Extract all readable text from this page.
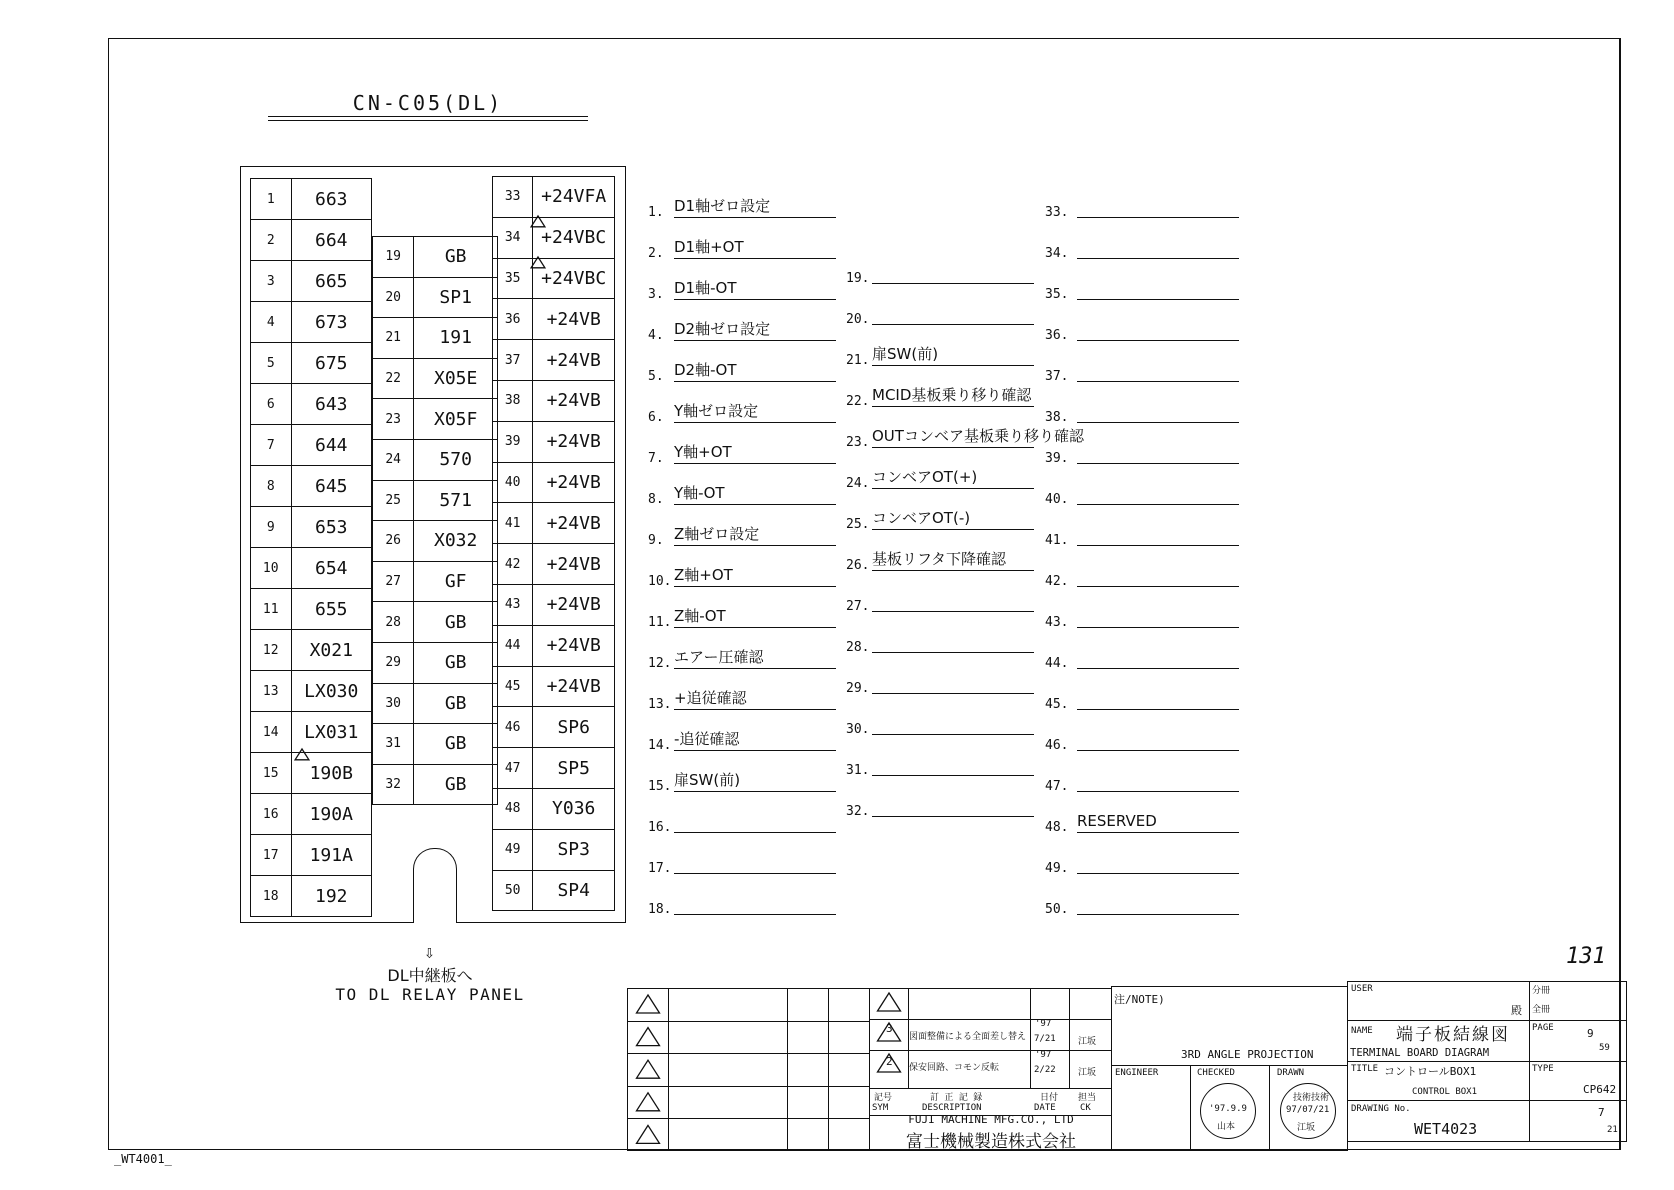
CN-C05(DL)
1	663
2	664
3	665
4	673
5	675
6	643
7	644
8	645
9	653
10	654
11	655
12	X021
13	LX030
14	LX031
15	190B
16	190A
17	191A
18	192
19	GB
20	SP1
21	191
22	X05E
23	X05F
24	570
25	571
26	X032
27	GF
28	GB
29	GB
30	GB
31	GB
32	GB
33	+24VFA
34	+24VBC
35	+24VBC
36	+24VB
37	+24VB
38	+24VB
39	+24VB
40	+24VB
41	+24VB
42	+24VB
43	+24VB
44	+24VB
45	+24VB
46	SP6
47	SP5
48	Y036
49	SP3
50	SP4
⇩
DL中継板へ
TO DL RELAY PANEL
1. D1軸ゼロ設定
2. D1軸+OT
3. D1軸-OT
4. D2軸ゼロ設定
5. D2軸-OT
6. Y軸ゼロ設定
7. Y軸+OT
8. Y軸-OT
9. Z軸ゼロ設定
10. Z軸+OT
11. Z軸-OT
12. エアー圧確認
13. +追従確認
14. -追従確認
15. 扉SW(前)
16.
17.
18.
19.
20.
21. 扉SW(前)
22. MCID基板乗り移り確認
23. OUTコンベア基板乗り移り確認
24. コンベアOT(+)
25. コンベアOT(-)
26. 基板リフタ下降確認
27.
28.
29.
30.
31.
32.
33.
34.
35.
36.
37.
38.
39.
40.
41.
42.
43.
44.
45.
46.
47.
48. RESERVED
49.
50.
131
_WT4001_
図面整備による全面差し替え
'97
7/21 江坂
保安回路、コモン反転
'97
2/22 江坂
記号
SYM
訂 正 記 録
DESCRIPTION
日付
DATE
担当
CK
FUJI MACHINE MFG.CO., LTD
富士機械製造株式会社
注/NOTE)
3RD ANGLE PROJECTION
ENGINEER	CHECKED	DRAWN
'97.9.9
山本
技術技術
97/07/21
江坂
USER
殿
分冊
全冊
NAME 端子板結線図
TERMINAL BOARD DIAGRAM
PAGE	9
59
TITLE コントロールBOX1
CONTROL BOX1
TYPE
CP642
DRAWING No.
WET4023
7
21
3
2
